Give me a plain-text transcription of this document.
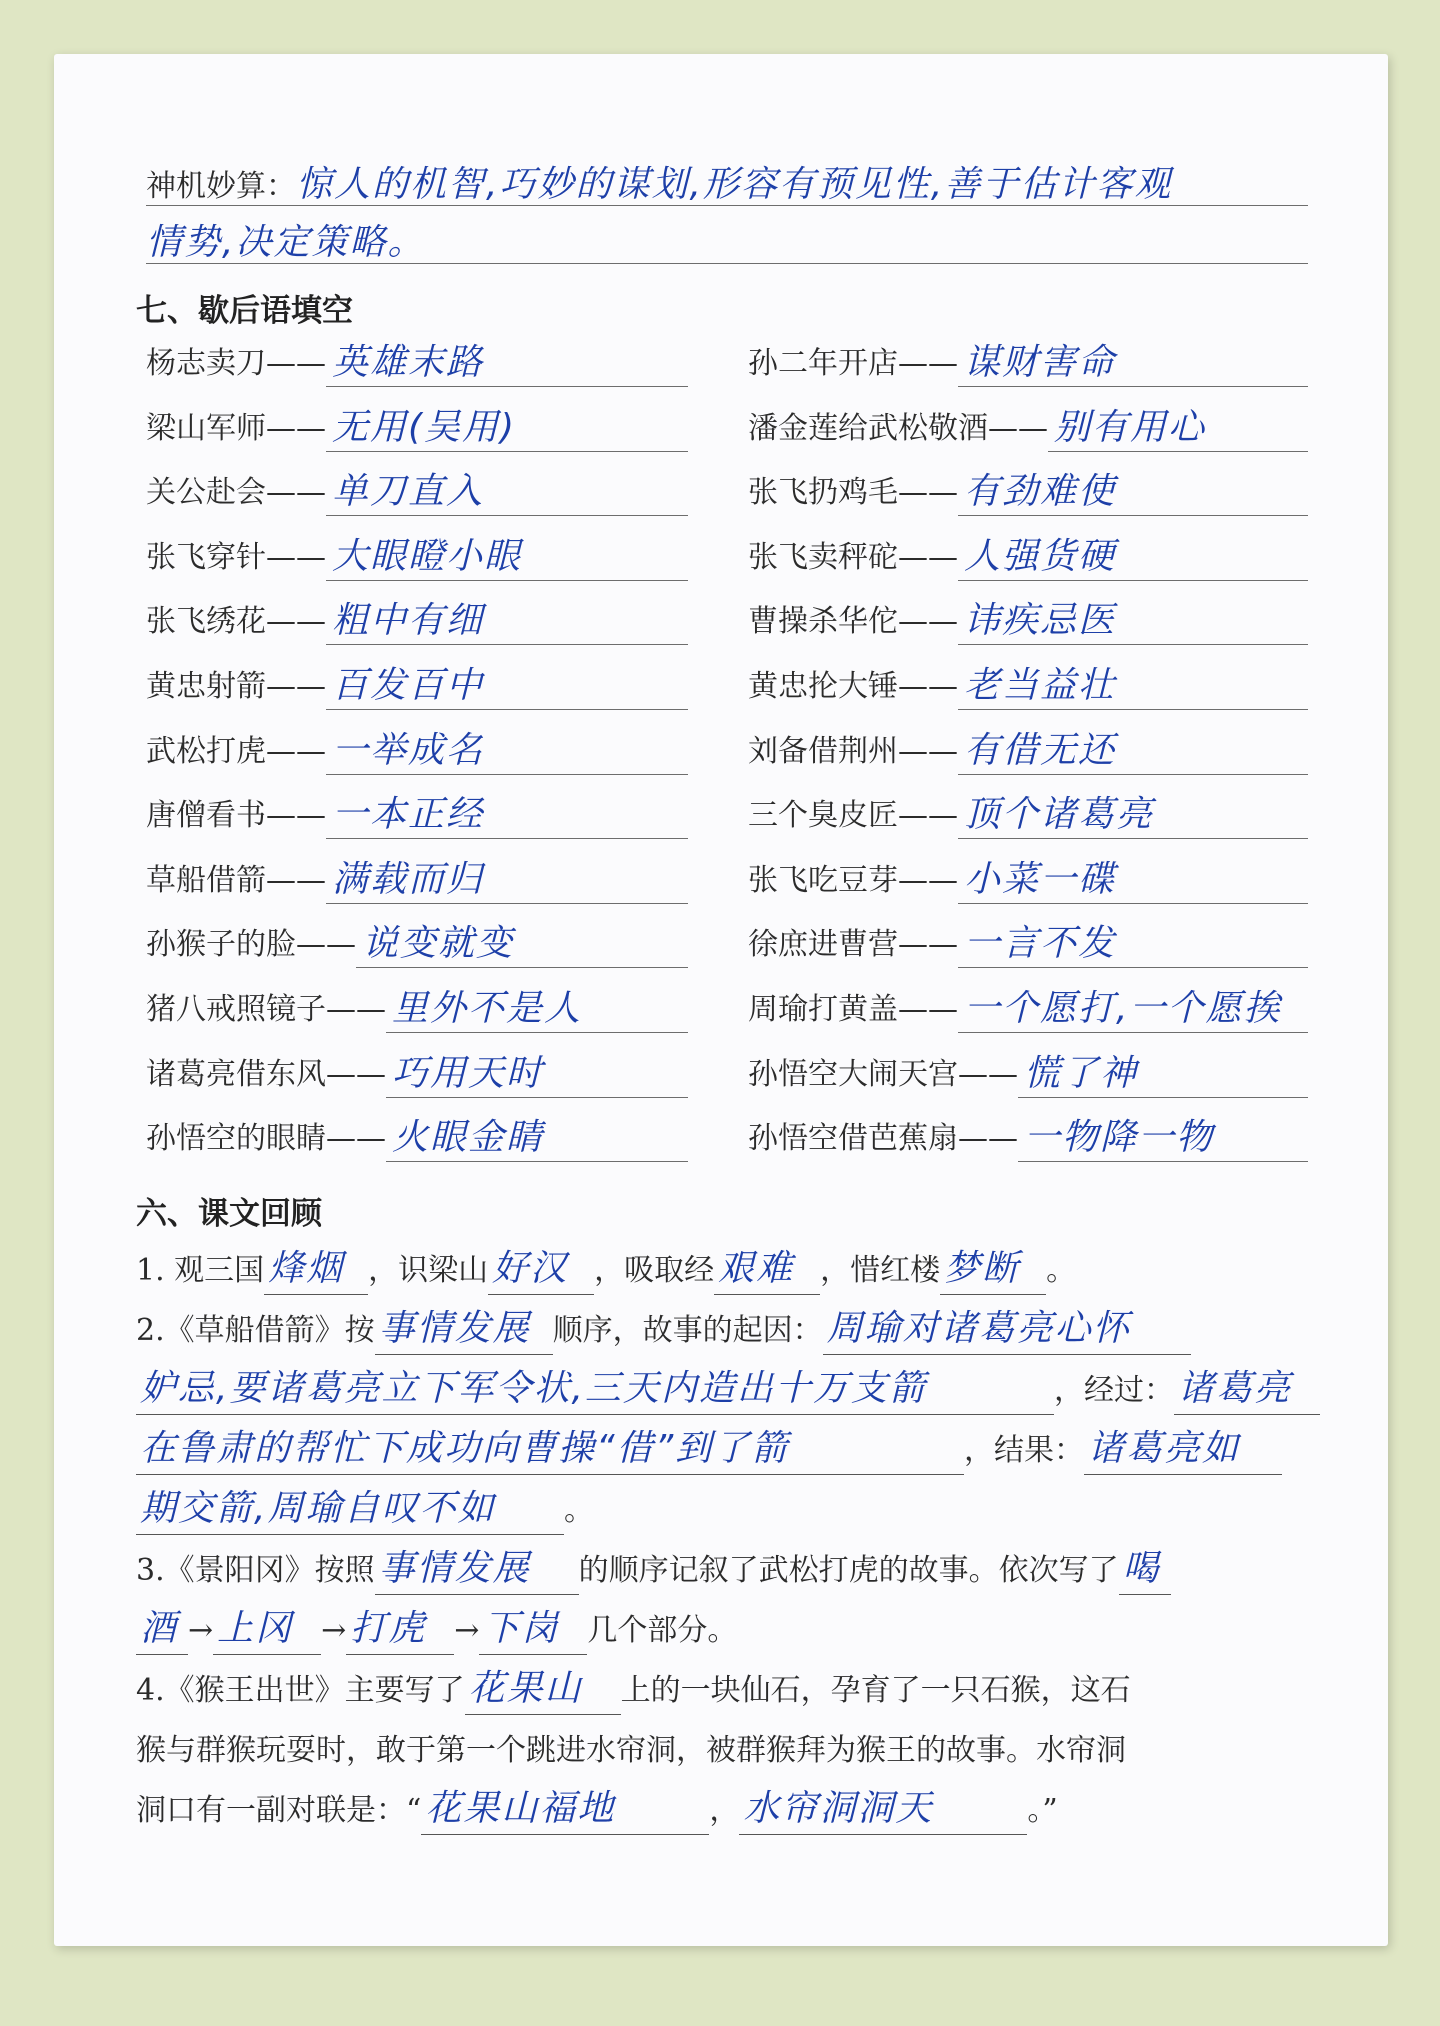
神机妙算：惊人的机智,巧妙的谋划,形容有预见性,善于估计客观
情势,决定策略。
七、歇后语填空
杨志卖刀—— 英雄末路
梁山军师—— 无用(吴用)
关公赴会—— 单刀直入
张飞穿针—— 大眼瞪小眼
张飞绣花—— 粗中有细
黄忠射箭—— 百发百中
武松打虎—— 一举成名
唐僧看书—— 一本正经
草船借箭—— 满载而归
孙猴子的脸—— 说变就变
猪八戒照镜子—— 里外不是人
诸葛亮借东风—— 巧用天时
孙悟空的眼睛—— 火眼金睛
孙二年开店—— 谋财害命
潘金莲给武松敬酒—— 别有用心
张飞扔鸡毛—— 有劲难使
张飞卖秤砣—— 人强货硬
曹操杀华佗—— 讳疾忌医
黄忠抡大锤—— 老当益壮
刘备借荆州—— 有借无还
三个臭皮匠—— 顶个诸葛亮
张飞吃豆芽—— 小菜一碟
徐庶进曹营—— 一言不发
周瑜打黄盖—— 一个愿打,一个愿挨
孙悟空大闹天宫—— 慌了神
孙悟空借芭蕉扇—— 一物降一物
六、课文回顾
1. 观三国 烽烟 ，识梁山 好汉 ，吸取经 艰难 ，惜红楼 梦断 。
2.《草船借箭》按 事情发展 顺序，故事的起因： 周瑜对诸葛亮心怀
妒忌,要诸葛亮立下军令状,三天内造出十万支箭	，经过： 诸葛亮
在鲁肃的帮忙下成功向曹操“借”到了箭	，结果： 诸葛亮如
期交箭,周瑜自叹不如 。
3.《景阳冈》按照 事情发展 的顺序记叙了武松打虎的故事。依次写了 喝
酒 → 上冈 → 打虎 → 下岗 几个部分。
4.《猴王出世》主要写了 花果山 上的一块仙石，孕育了一只石猴，这石
猴与群猴玩耍时，敢于第一个跳进水帘洞，被群猴拜为猴王的故事。水帘洞
洞口有一副对联是：“ 花果山福地	， 水帘洞洞天	。”
